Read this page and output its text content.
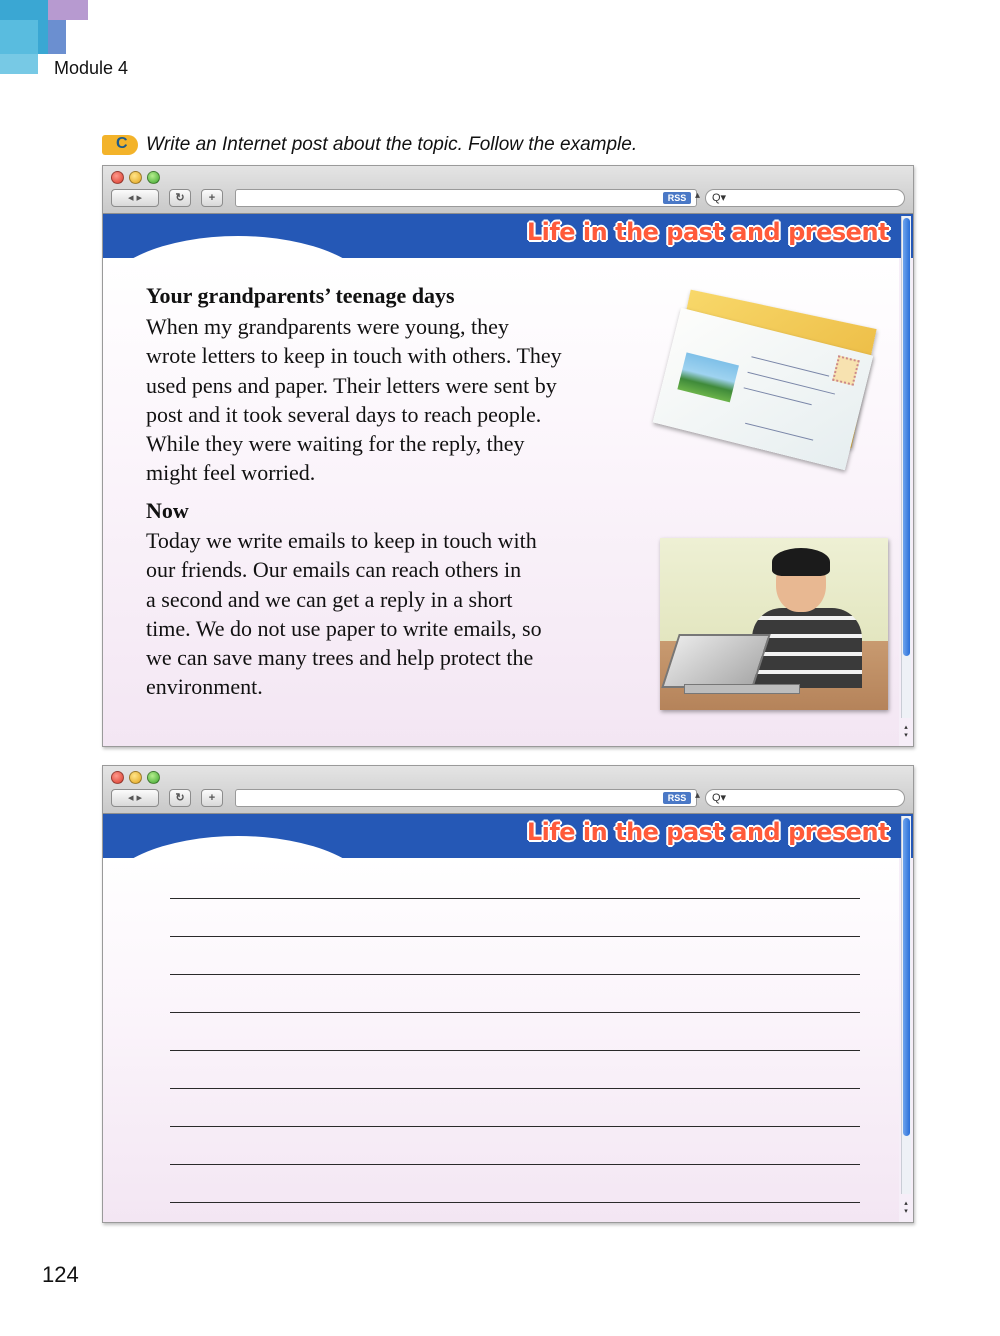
Module 4
C Write an Internet post about the topic. Follow the example.
◂ ▸	↻	+	RSS ▴	Q▾
Life in the past and present
Your grandparents’ teenage days
When my grandparents were young, they
wrote letters to keep in touch with others. They
used pens and paper. Their letters were sent by
post and it took several days to reach people.
While they were waiting for the reply, they
might feel worried.
Now
Today we write emails to keep in touch with
our friends. Our emails can reach others in
a second and we can get a reply in a short
time. We do not use paper to write emails, so
we can save many trees and help protect the
environment.
▴
▾
◂ ▸	↻	+	RSS ▴	Q▾
Life in the past and present
▴
▾
124
